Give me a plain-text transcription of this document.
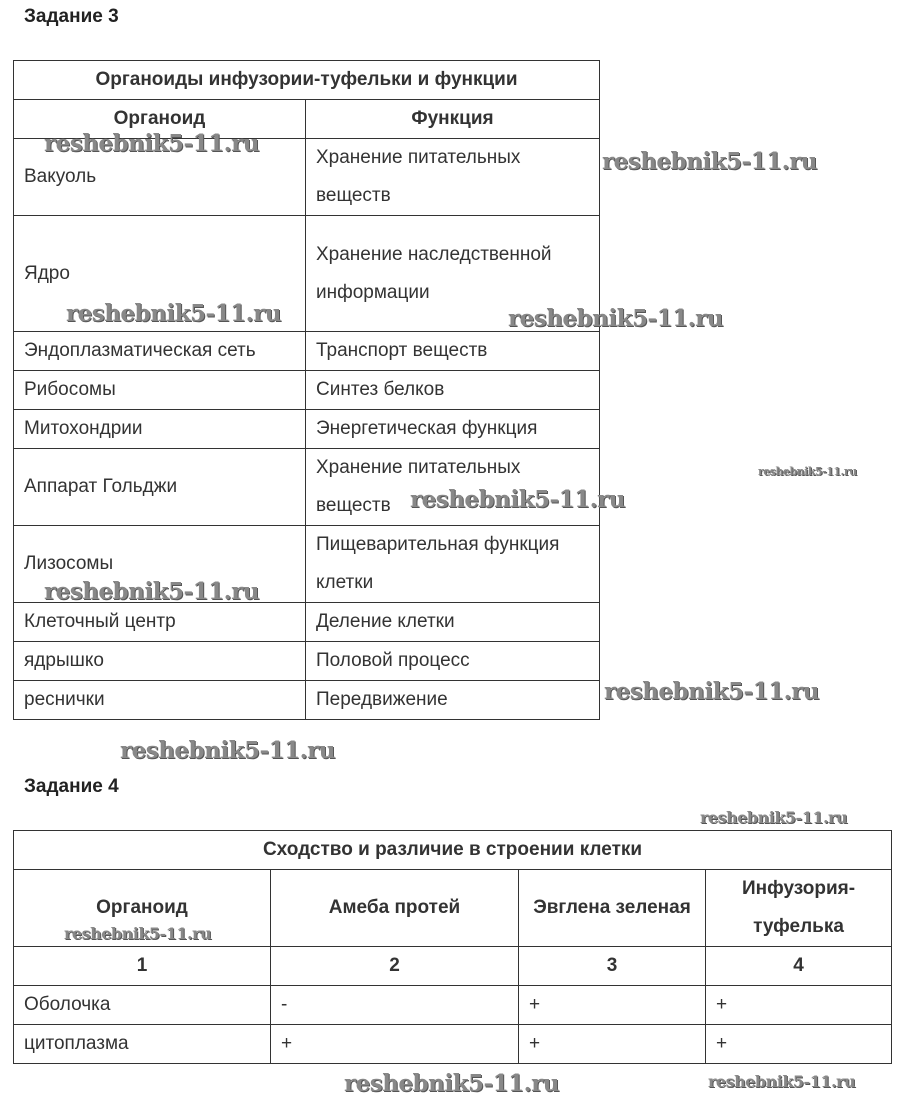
Задание 3
Органоиды инфузории-туфельки и функции	
Органоид	Функция
Вакуоль	Хранение питательных веществ
Ядро	Хранение наследственной информации
Эндоплазматическая сеть	Транспорт веществ
Рибосомы	Синтез белков
Митохондрии	Энергетическая функция
Аппарат Гольджи	Хранение питательных веществ
Лизосомы	Пищеварительная функция клетки
Клеточный центр	Деление клетки
ядрышко	Половой процесс
реснички	Передвижение
Задание 4
Сходство и различие в строении клетки			
Органоид	Амеба протей	Эвглена зеленая	Инфузория-туфелька
1	2	3	4
Оболочка	-	+	+
цитоплазма	+	+	+
reshebnik5-11.ru
reshebnik5-11.ru
reshebnik5-11.ru	reshebnik5-11.ru
reshebnik5-11.ru
reshebnik5-11.ru
reshebnik5-11.ru
reshebnik5-11.ru
reshebnik5-11.ru
reshebnik5-11.ru
reshebnik5-11.ru
reshebnik5-11.ru	reshebnik5-11.ru
